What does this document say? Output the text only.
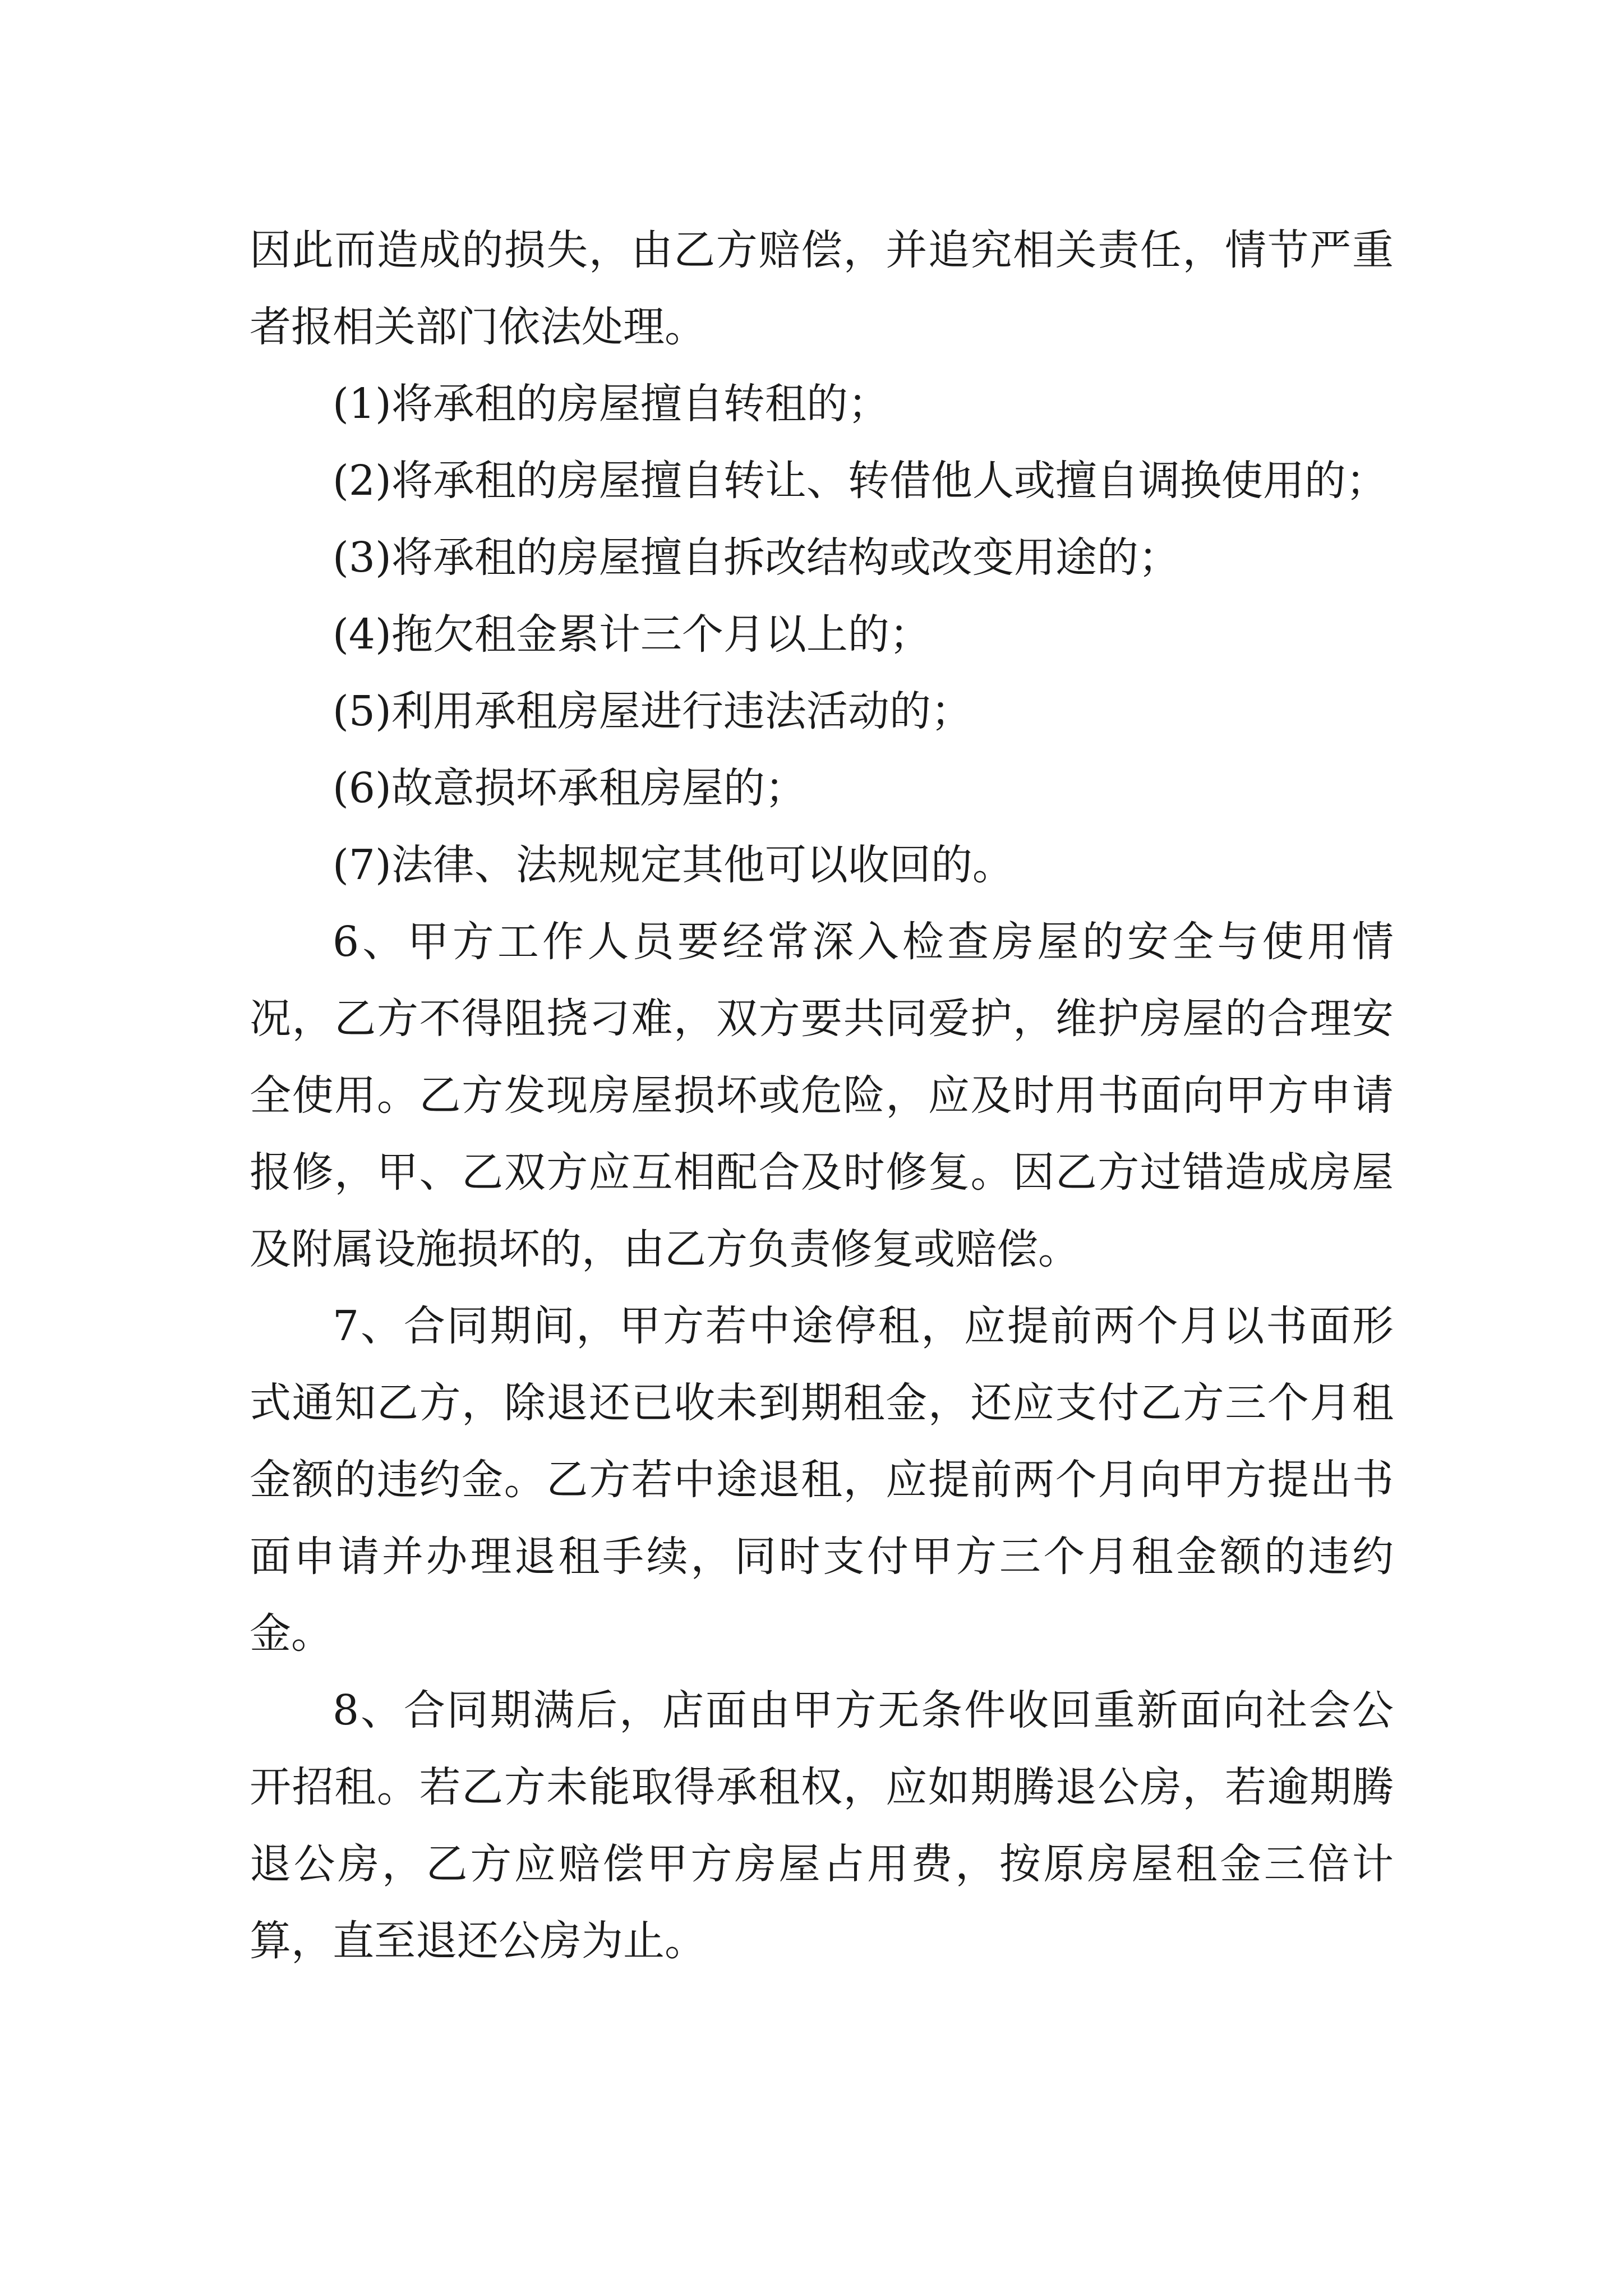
因此而造成的损失，由乙方赔偿，并追究相关责任，情节严重者报相关部门依法处理。

(1)将承租的房屋擅自转租的；

(2)将承租的房屋擅自转让、转借他人或擅自调换使用的；

(3)将承租的房屋擅自拆改结构或改变用途的；

(4)拖欠租金累计三个月以上的；

(5)利用承租房屋进行违法活动的；

(6)故意损坏承租房屋的；

(7)法律、法规规定其他可以收回的。

6、甲方工作人员要经常深入检查房屋的安全与使用情况，乙方不得阻挠刁难，双方要共同爱护，维护房屋的合理安全使用。乙方发现房屋损坏或危险，应及时用书面向甲方申请报修，甲、乙双方应互相配合及时修复。因乙方过错造成房屋及附属设施损坏的，由乙方负责修复或赔偿。

7、合同期间，甲方若中途停租，应提前两个月以书面形式通知乙方，除退还已收未到期租金，还应支付乙方三个月租金额的违约金。乙方若中途退租，应提前两个月向甲方提出书面申请并办理退租手续，同时支付甲方三个月租金额的违约金。

8、合同期满后，店面由甲方无条件收回重新面向社会公开招租。若乙方未能取得承租权，应如期腾退公房，若逾期腾退公房，乙方应赔偿甲方房屋占用费，按原房屋租金三倍计算，直至退还公房为止。
